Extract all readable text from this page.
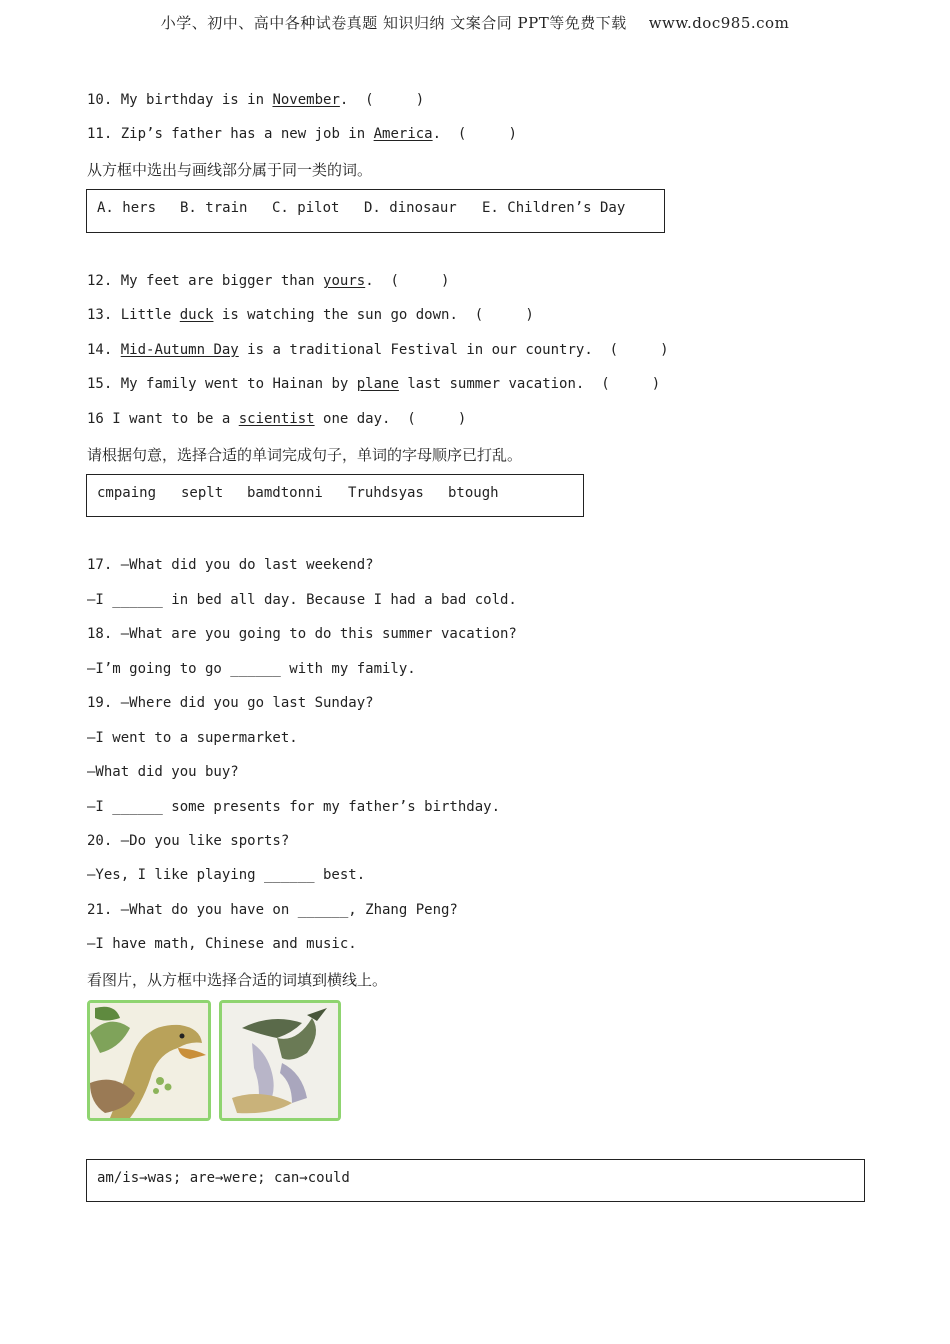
小学、初中、高中各种试卷真题 知识归纳 文案合同 PPT等免费下载 www.doc985.com
10. My birthday is in November.  (     )
11. Zip’s father has a new job in America.  (     )
从方框中选出与画线部分属于同一类的词。
A. hers B. train C. pilot D. dinosaur E. Children’s Day
12. My feet are bigger than yours.  (     )
13. Little duck is watching the sun go down.  (     )
14. Mid-Autumn Day is a traditional Festival in our country.  (     )
15. My family went to Hainan by plane last summer vacation.  (     )
16 I want to be a scientist one day.  (     )
请根据句意，选择合适的单词完成句子，单词的字母顺序已打乱。
cmpaing seplt bamdtonni Truhdsyas btough
17. —What did you do last weekend?
—I ______ in bed all day. Because I had a bad cold.
18. —What are you going to do this summer vacation?
—I’m going to go ______ with my family.
19. —Where did you go last Sunday?
—I went to a supermarket.
—What did you buy?
—I ______ some presents for my father’s birthday.
20. —Do you like sports?
—Yes, I like playing ______ best.
21. —What do you have on ______, Zhang Peng?
—I have math, Chinese and music.
看图片，从方框中选择合适的词填到横线上。
am/is→was; are→were; can→could
